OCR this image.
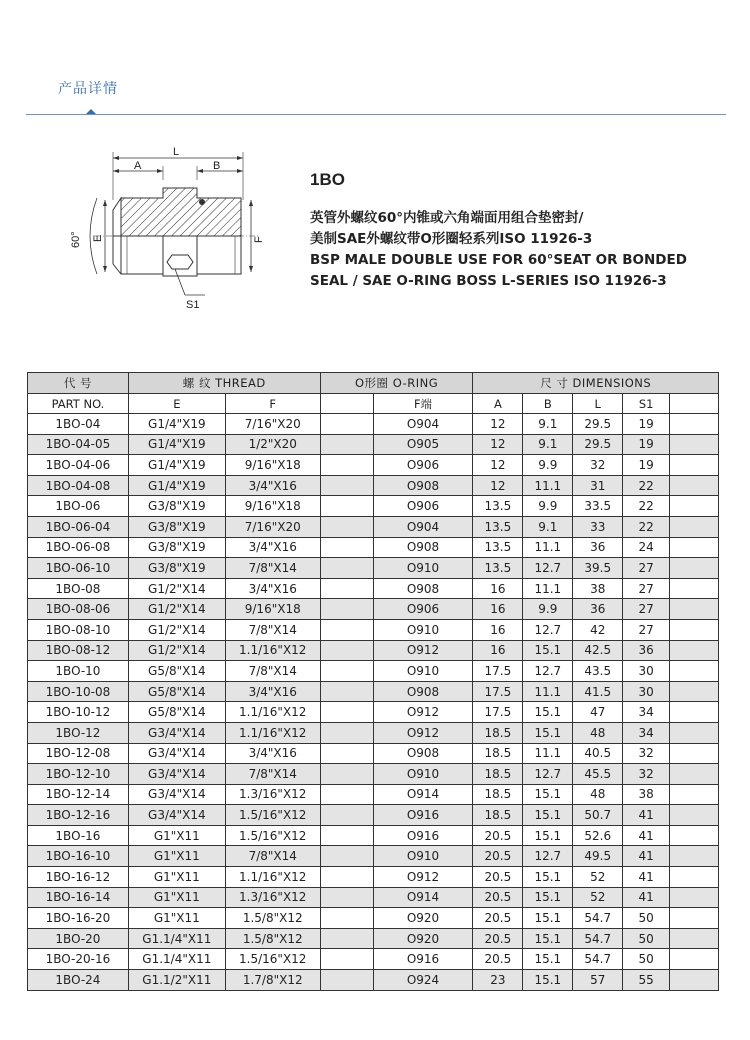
产品详情
L
A	B
E	F
60°
S1
1BO
英管外螺纹60°内锥或六角端面用组合垫密封/
美制SAE外螺纹带O形圈轻系列ISO 11926-3
BSP MALE DOUBLE USE FOR 60°SEAT OR BONDED
SEAL / SAE O-RING BOSS L-SERIES ISO 11926-3
代 号	螺 纹 THREAD		O形圈 O-RING		尺 寸 DIMENSIONS				
PART NO.	E	F		F端	A	B	L	S1	
1BO-04	G1/4"X19	7/16"X20		O904	12	9.1	29.5	19	
1BO-04-05	G1/4"X19	1/2"X20		O905	12	9.1	29.5	19	
1BO-04-06	G1/4"X19	9/16"X18		O906	12	9.9	32	19	
1BO-04-08	G1/4"X19	3/4"X16		O908	12	11.1	31	22	
1BO-06	G3/8"X19	9/16"X18		O906	13.5	9.9	33.5	22	
1BO-06-04	G3/8"X19	7/16"X20		O904	13.5	9.1	33	22	
1BO-06-08	G3/8"X19	3/4"X16		O908	13.5	11.1	36	24	
1BO-06-10	G3/8"X19	7/8"X14		O910	13.5	12.7	39.5	27	
1BO-08	G1/2"X14	3/4"X16		O908	16	11.1	38	27	
1BO-08-06	G1/2"X14	9/16"X18		O906	16	9.9	36	27	
1BO-08-10	G1/2"X14	7/8"X14		O910	16	12.7	42	27	
1BO-08-12	G1/2"X14	1.1/16"X12		O912	16	15.1	42.5	36	
1BO-10	G5/8"X14	7/8"X14		O910	17.5	12.7	43.5	30	
1BO-10-08	G5/8"X14	3/4"X16		O908	17.5	11.1	41.5	30	
1BO-10-12	G5/8"X14	1.1/16"X12		O912	17.5	15.1	47	34	
1BO-12	G3/4"X14	1.1/16"X12		O912	18.5	15.1	48	34	
1BO-12-08	G3/4"X14	3/4"X16		O908	18.5	11.1	40.5	32	
1BO-12-10	G3/4"X14	7/8"X14		O910	18.5	12.7	45.5	32	
1BO-12-14	G3/4"X14	1.3/16"X12		O914	18.5	15.1	48	38	
1BO-12-16	G3/4"X14	1.5/16"X12		O916	18.5	15.1	50.7	41	
1BO-16	G1"X11	1.5/16"X12		O916	20.5	15.1	52.6	41	
1BO-16-10	G1"X11	7/8"X14		O910	20.5	12.7	49.5	41	
1BO-16-12	G1"X11	1.1/16"X12		O912	20.5	15.1	52	41	
1BO-16-14	G1"X11	1.3/16"X12		O914	20.5	15.1	52	41	
1BO-16-20	G1"X11	1.5/8"X12		O920	20.5	15.1	54.7	50	
1BO-20	G1.1/4"X11	1.5/8"X12		O920	20.5	15.1	54.7	50	
1BO-20-16	G1.1/4"X11	1.5/16"X12		O916	20.5	15.1	54.7	50	
1BO-24	G1.1/2"X11	1.7/8"X12		O924	23	15.1	57	55	
